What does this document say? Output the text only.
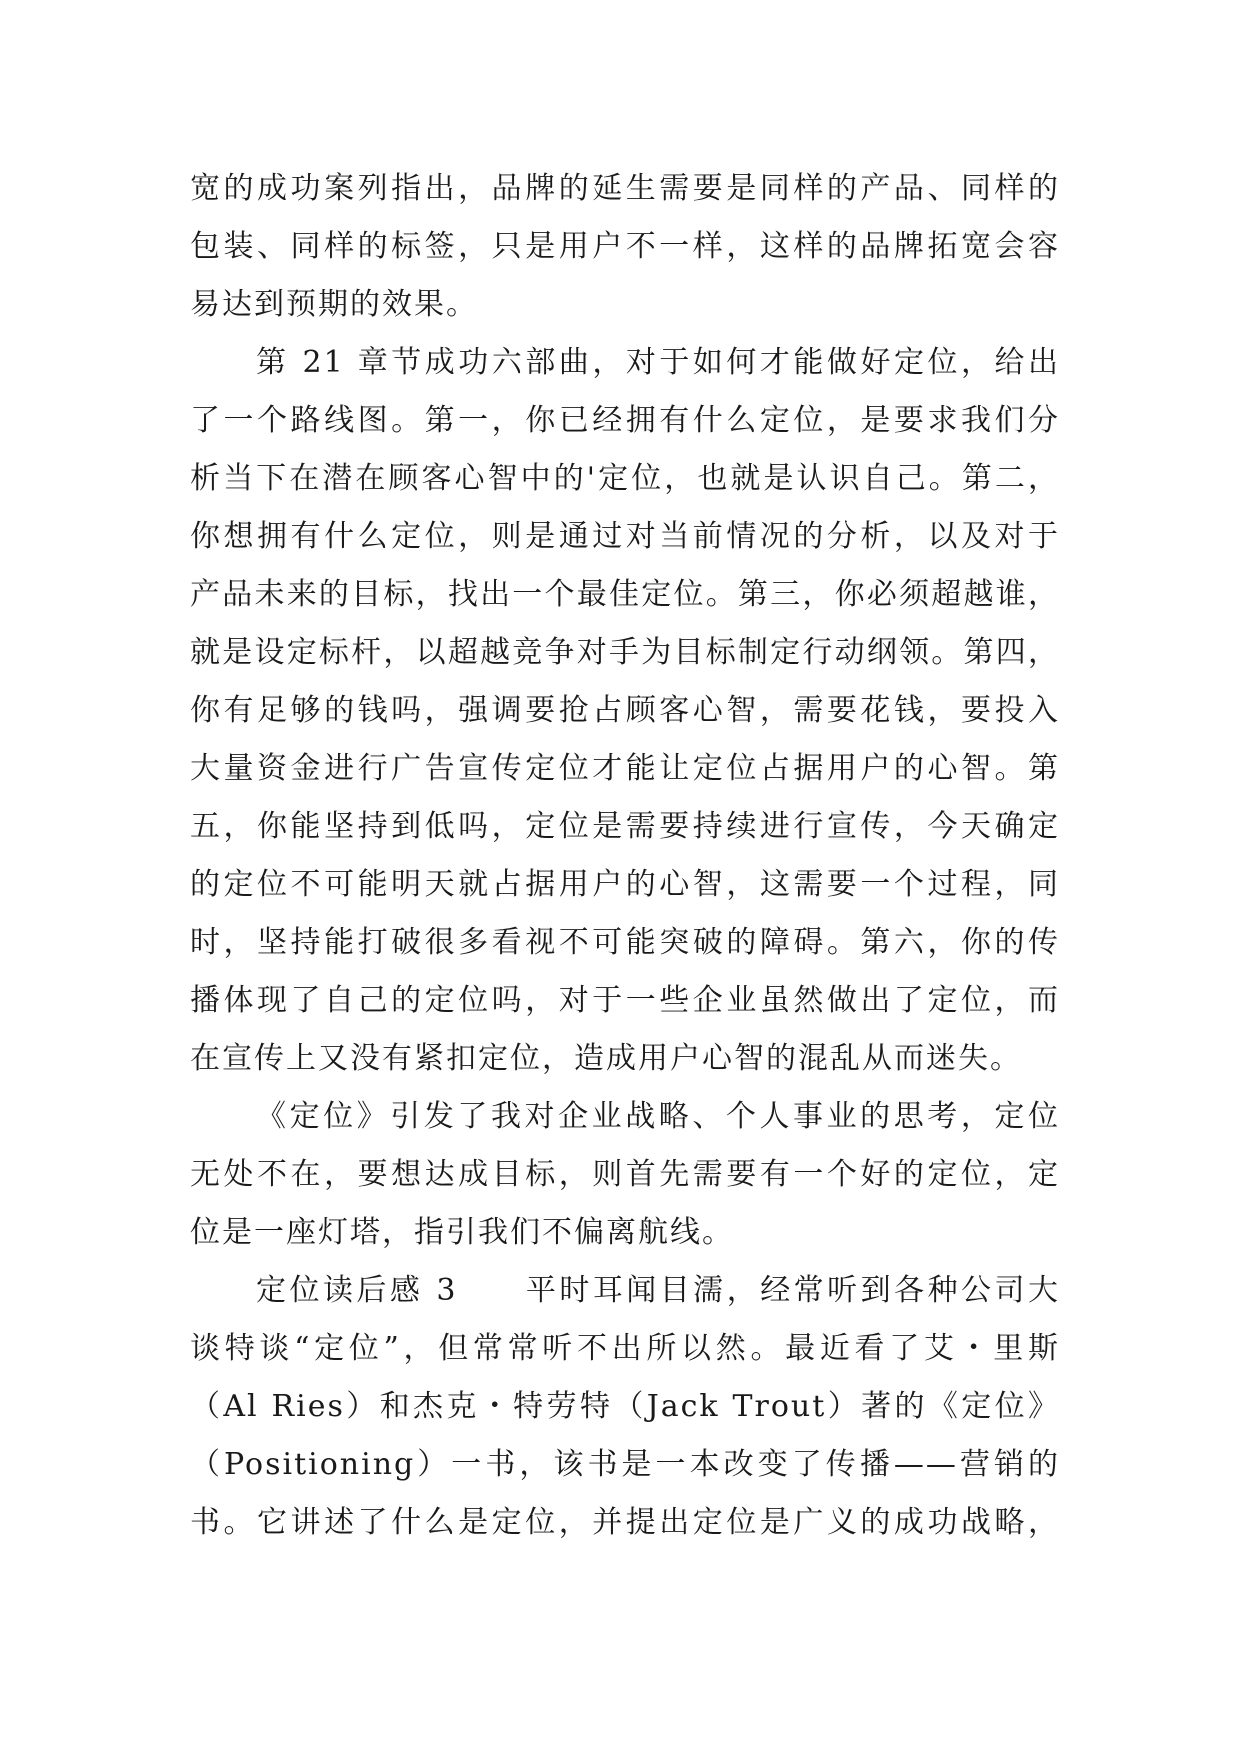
宽的成功案列指出，品牌的延生需要是同样的产品、同样的
包装、同样的标签，只是用户不一样，这样的品牌拓宽会容
易达到预期的效果。
第 21 章节成功六部曲，对于如何才能做好定位，给出
了一个路线图。第一，你已经拥有什么定位，是要求我们分
析当下在潜在顾客心智中的'定位，也就是认识自己。第二，
你想拥有什么定位，则是通过对当前情况的分析，以及对于
产品未来的目标，找出一个最佳定位。第三，你必须超越谁，
就是设定标杆，以超越竞争对手为目标制定行动纲领。第四，
你有足够的钱吗，强调要抢占顾客心智，需要花钱，要投入
大量资金进行广告宣传定位才能让定位占据用户的心智。第
五，你能坚持到低吗，定位是需要持续进行宣传，今天确定
的定位不可能明天就占据用户的心智，这需要一个过程，同
时，坚持能打破很多看视不可能突破的障碍。第六，你的传
播体现了自己的定位吗，对于一些企业虽然做出了定位，而
在宣传上又没有紧扣定位，造成用户心智的混乱从而迷失。
《定位》引发了我对企业战略、个人事业的思考，定位
无处不在，要想达成目标，则首先需要有一个好的定位，定
位是一座灯塔，指引我们不偏离航线。
定位读后感 3　　平时耳闻目濡，经常听到各种公司大
谈特谈“定位”，但常常听不出所以然。最近看了艾・里斯
（Al Ries）和杰克・特劳特（Jack Trout）著的《定位》
（Positioning）一书，该书是一本改变了传播——营销的
书。它讲述了什么是定位，并提出定位是广义的成功战略，
